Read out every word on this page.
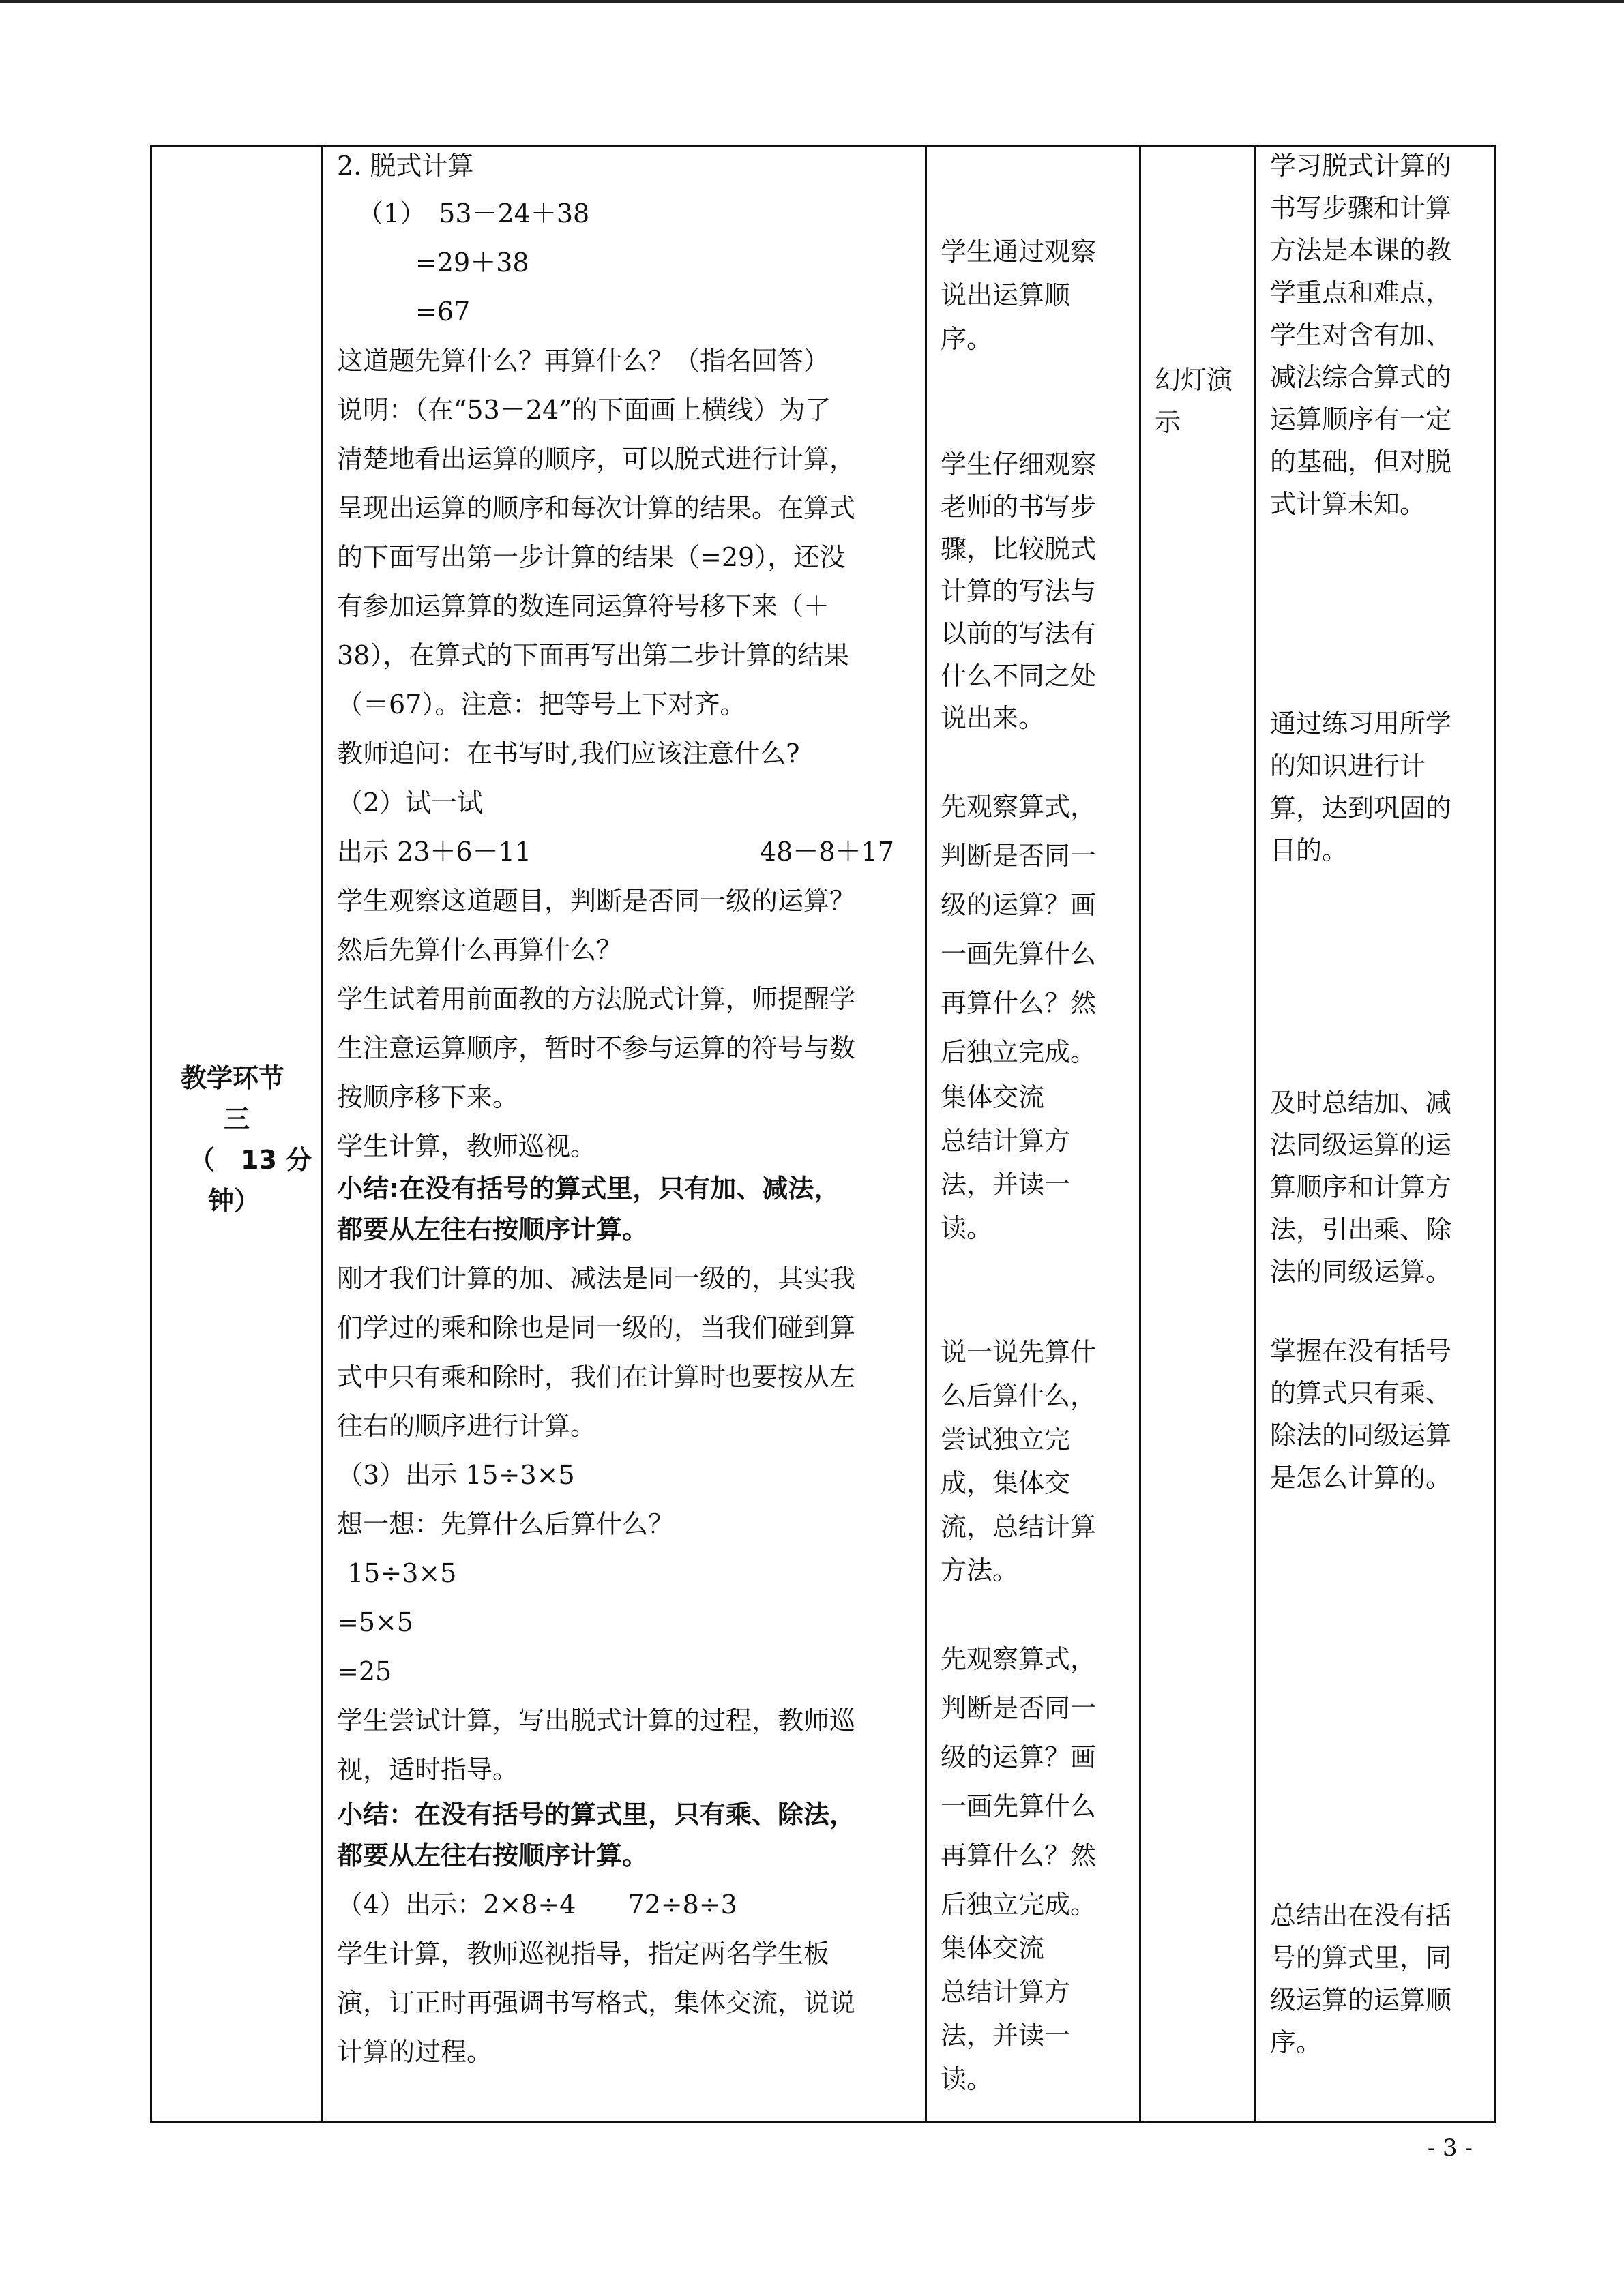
教学环节
三
（　13 分
钟）
2. 脱式计算
（1）　53－24＋38
=29＋38
=67
这道题先算什么？再算什么？（指名回答）
说明：（在“53－24”的下面画上横线）为了
清楚地看出运算的顺序，可以脱式进行计算，
呈现出运算的顺序和每次计算的结果。在算式
的下面写出第一步计算的结果（=29），还没
有参加运算算的数连同运算符号移下来（＋
38），在算式的下面再写出第二步计算的结果
（＝67）。注意：把等号上下对齐。
教师追问：在书写时,我们应该注意什么?
（2）试一试
出示 23＋6－11	48－8＋17
学生观察这道题目，判断是否同一级的运算？
然后先算什么再算什么？
学生试着用前面教的方法脱式计算，师提醒学
生注意运算顺序，暂时不参与运算的符号与数
按顺序移下来。
学生计算，教师巡视。
小结:在没有括号的算式里，只有加、减法，
都要从左往右按顺序计算。
刚才我们计算的加、减法是同一级的，其实我
们学过的乘和除也是同一级的，当我们碰到算
式中只有乘和除时，我们在计算时也要按从左
往右的顺序进行计算。
（3）出示 15÷3×5
想一想：先算什么后算什么？
15÷3×5
=5×5
=25
学生尝试计算，写出脱式计算的过程，教师巡
视，适时指导。
小结：在没有括号的算式里，只有乘、除法，
都要从左往右按顺序计算。
（4）出示：2×8÷4　　72÷8÷3
学生计算，教师巡视指导，指定两名学生板
演，订正时再强调书写格式，集体交流，说说
计算的过程。
学生通过观察
说出运算顺
序。
学生仔细观察
老师的书写步
骤，比较脱式
计算的写法与
以前的写法有
什么不同之处
说出来。
先观察算式，
判断是否同一
级的运算？画
一画先算什么
再算什么？然
后独立完成。
集体交流
总结计算方
法，并读一
读。
说一说先算什
么后算什么，
尝试独立完
成，集体交
流，总结计算
方法。
先观察算式，
判断是否同一
级的运算？画
一画先算什么
再算什么？然
后独立完成。
集体交流
总结计算方
法，并读一
读。
幻灯演
示
学习脱式计算的
书写步骤和计算
方法是本课的教
学重点和难点，
学生对含有加、
减法综合算式的
运算顺序有一定
的基础，但对脱
式计算未知。
通过练习用所学
的知识进行计
算，达到巩固的
目的。
及时总结加、减
法同级运算的运
算顺序和计算方
法，引出乘、除
法的同级运算。
掌握在没有括号
的算式只有乘、
除法的同级运算
是怎么计算的。
总结出在没有括
号的算式里，同
级运算的运算顺
序。
- 3 -
